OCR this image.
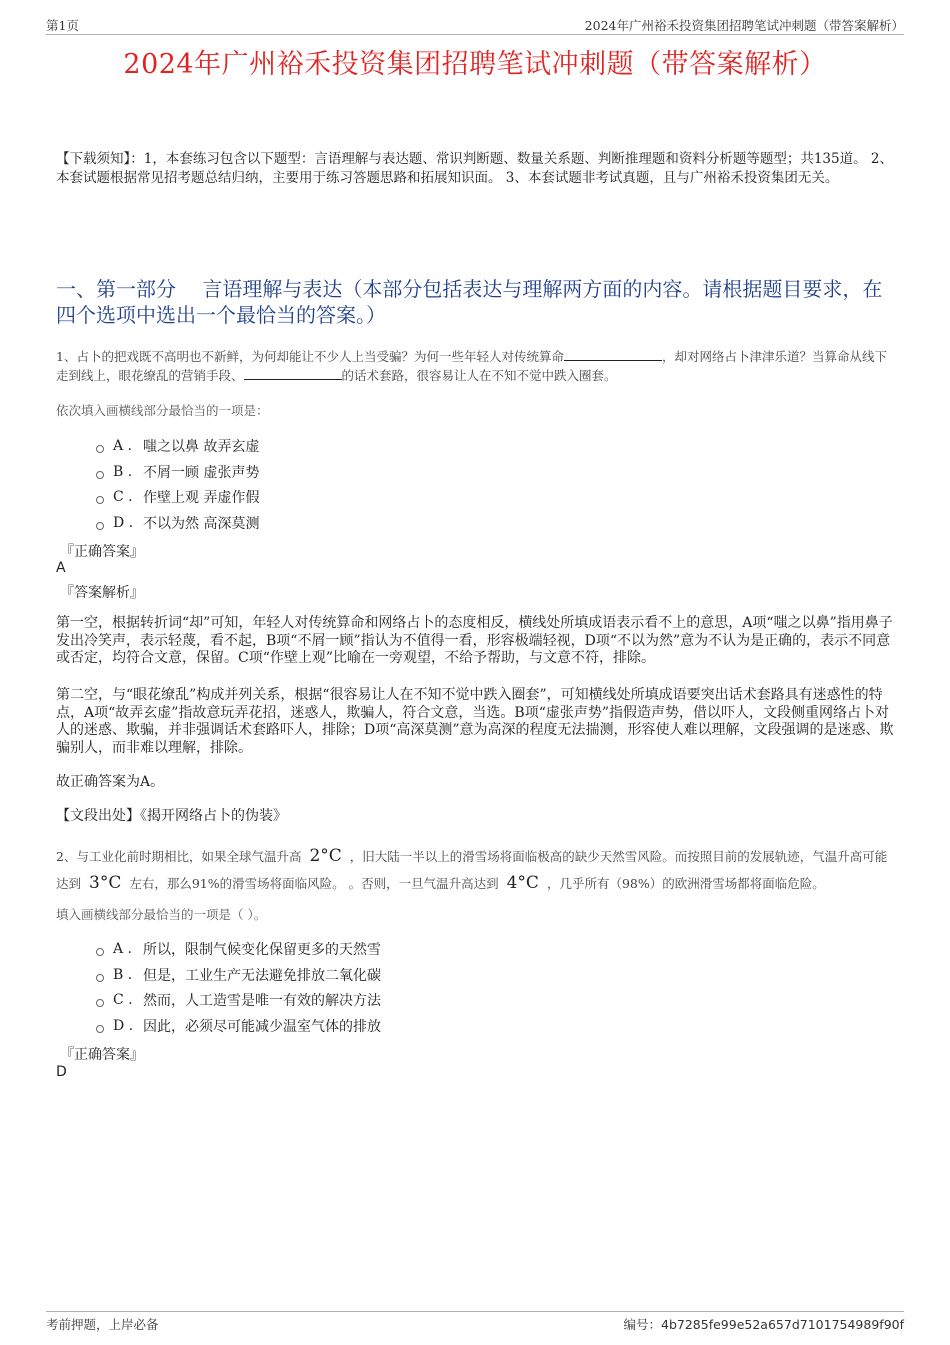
第1页	2024年广州裕禾投资集团招聘笔试冲刺题（带答案解析）
2024年广州裕禾投资集团招聘笔试冲刺题（带答案解析）
【下载须知】：1，本套练习包含以下题型：言语理解与表达题、常识判断题、数量关系题、判断推理题和资料分析题等题型；共135道。 2、本套试题根据常见招考题总结归纳，主要用于练习答题思路和拓展知识面。 3、本套试题非考试真题，且与广州裕禾投资集团无关。
一、第一部分　 言语理解与表达（本部分包括表达与理解两方面的内容。请根据题目要求，在四个选项中选出一个最恰当的答案。）
1、占卜的把戏既不高明也不新鲜，为何却能让不少人上当受骗？为何一些年轻人对传统算命	，却对网络占卜津津乐道？当算命从线下走到线上，眼花缭乱的营销手段、	的话术套路，很容易让人在不知不觉中跌入圈套。
依次填入画横线部分最恰当的一项是：
A . 嗤之以鼻 故弄玄虚
B . 不屑一顾 虚张声势
C . 作壁上观 弄虚作假
D . 不以为然 高深莫测
『正确答案』
A
『答案解析』
第一空，根据转折词“却”可知，年轻人对传统算命和网络占卜的态度相反，横线处所填成语表示看不上的意思，A项“嗤之以鼻”指用鼻子发出冷笑声，表示轻蔑，看不起，B项“不屑一顾”指认为不值得一看，形容极端轻视，D项“不以为然”意为不认为是正确的，表示不同意或否定，均符合文意，保留。C项“作壁上观”比喻在一旁观望，不给予帮助，与文意不符，排除。
第二空，与“眼花缭乱”构成并列关系，根据“很容易让人在不知不觉中跌入圈套”，可知横线处所填成语要突出话术套路具有迷惑性的特点，A项“故弄玄虚”指故意玩弄花招，迷惑人，欺骗人，符合文意，当选。B项“虚张声势”指假造声势，借以吓人，文段侧重网络占卜对人的迷惑、欺骗，并非强调话术套路吓人，排除；D项“高深莫测”意为高深的程度无法揣测，形容使人难以理解，文段强调的是迷惑、欺骗别人，而非难以理解，排除。
故正确答案为A。
【文段出处】《揭开网络占卜的伪装》
2、与工业化前时期相比，如果全球气温升高 2°C ，旧大陆一半以上的滑雪场将面临极高的缺少天然雪风险。而按照目前的发展轨迹，气温升高可能达到 3°C 左右，那么91%的滑雪场将面临风险。 。否则，一旦气温升高达到 4°C ，几乎所有（98%）的欧洲滑雪场都将面临危险。
填入画横线部分最恰当的一项是（ ）。
A . 所以，限制气候变化保留更多的天然雪
B . 但是，工业生产无法避免排放二氧化碳
C . 然而，人工造雪是唯一有效的解决方法
D . 因此，必须尽可能减少温室气体的排放
『正确答案』
D
考前押题，上岸必备	编号：4b7285fe99e52a657d7101754989f90f
